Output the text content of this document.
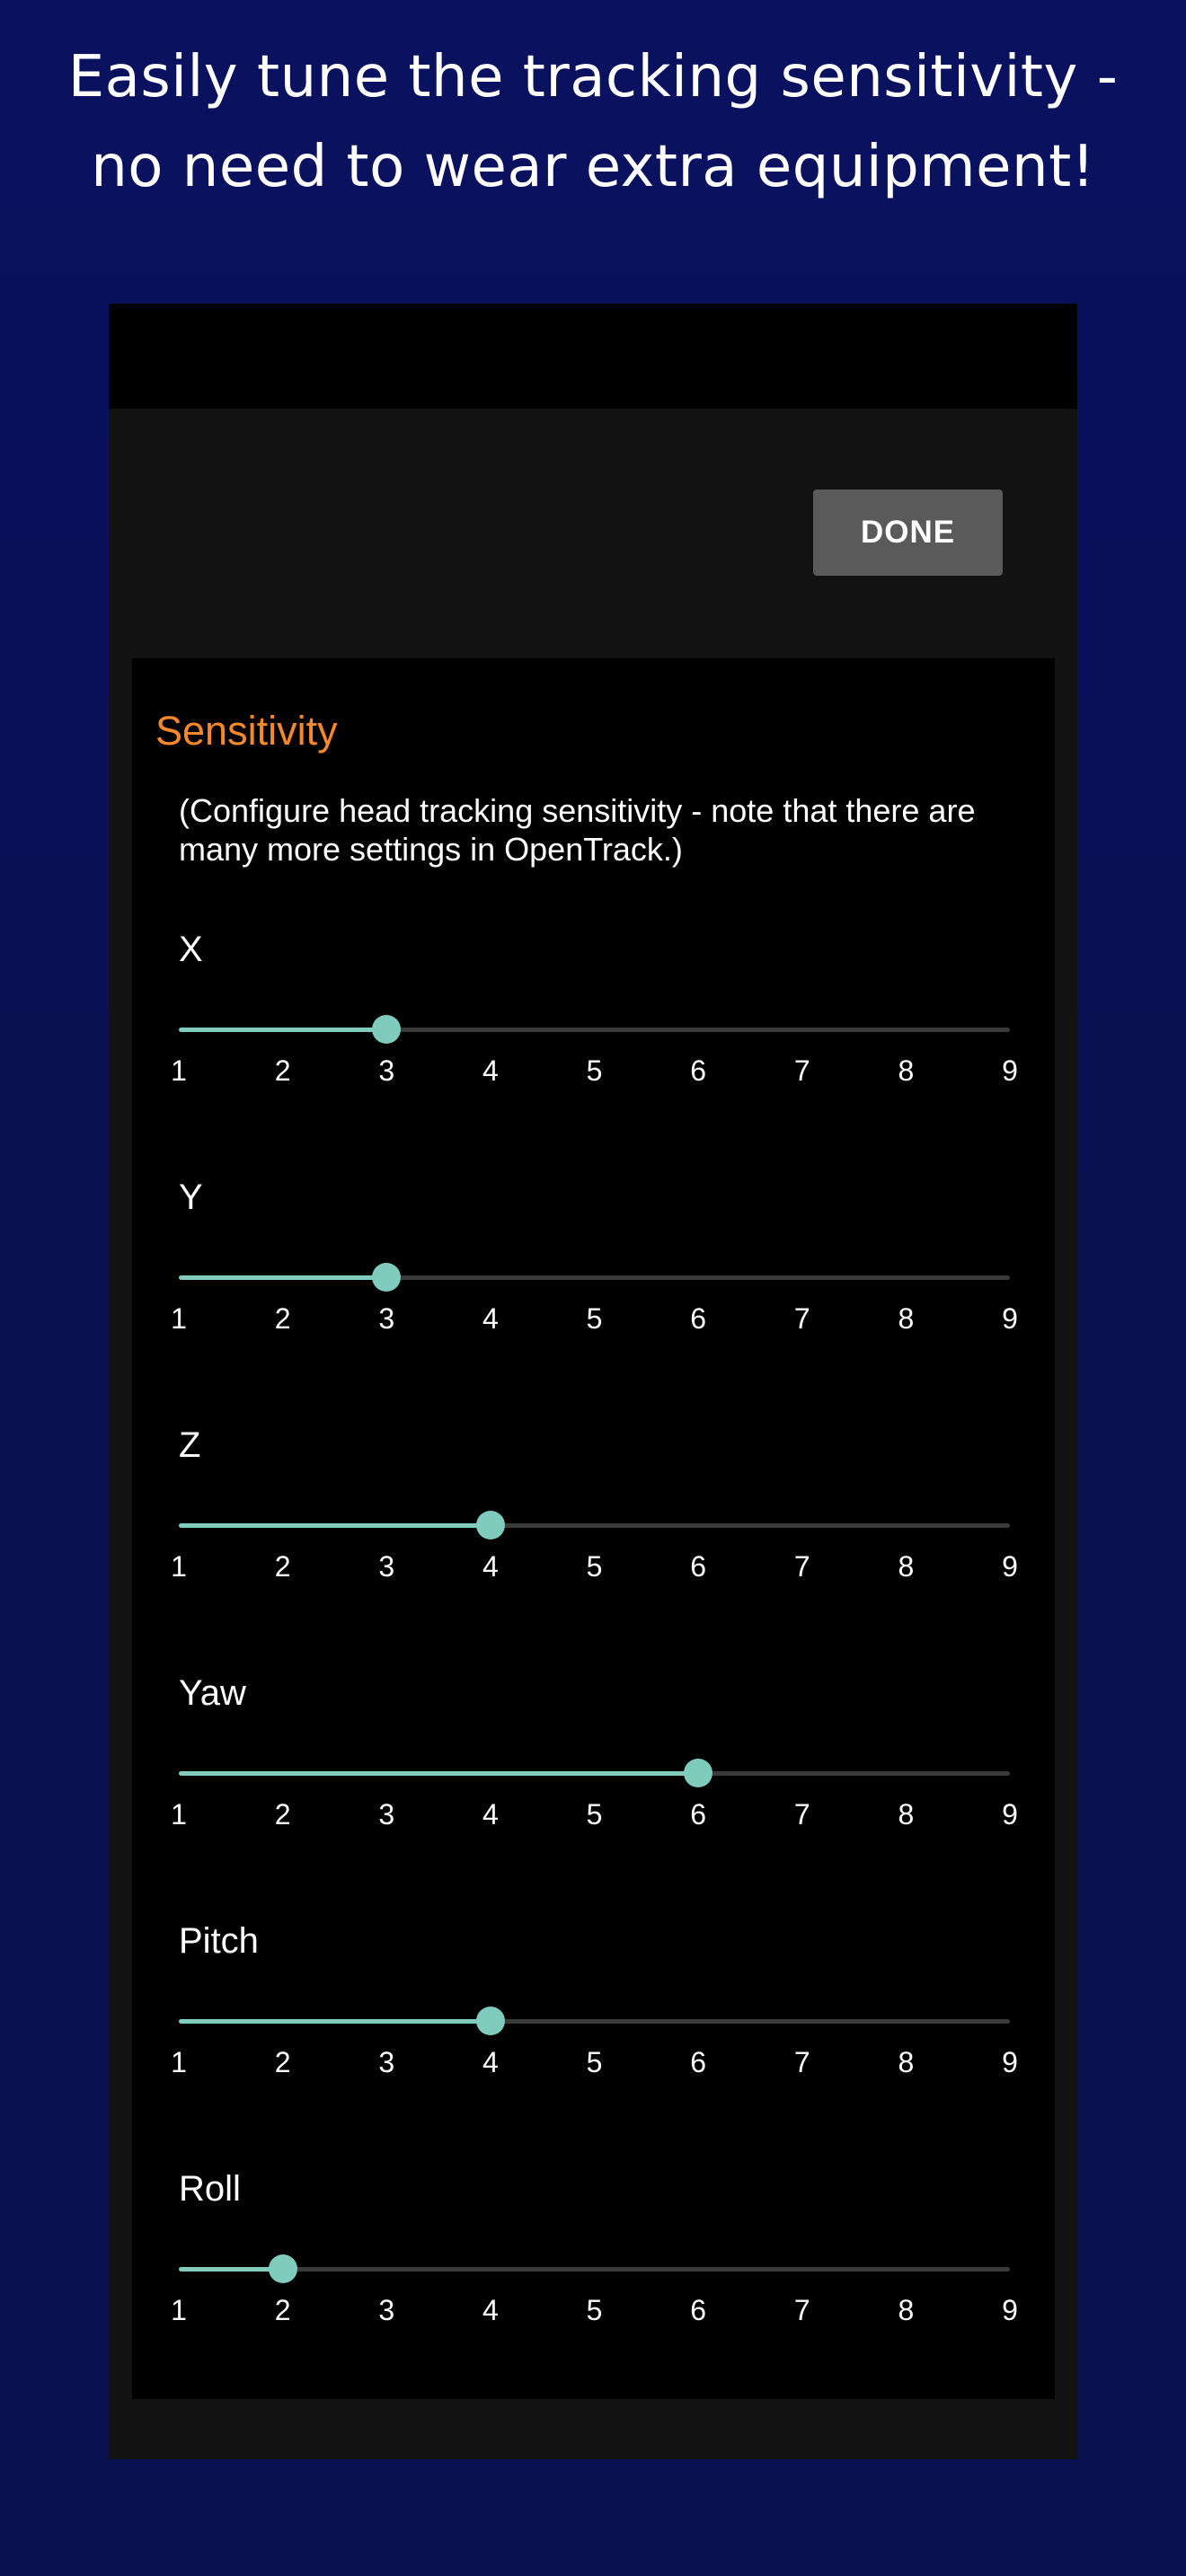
Easily tune the tracking sensitivity -
no need to wear extra equipment!
DONE
Sensitivity
(Configure head tracking sensitivity - note that there are many more settings in OpenTrack.)
X
1	2	3	4	5	6	7	8	9
Y
1	2	3	4	5	6	7	8	9
Z
1	2	3	4	5	6	7	8	9
Yaw
1	2	3	4	5	6	7	8	9
Pitch
1	2	3	4	5	6	7	8	9
Roll
1	2	3	4	5	6	7	8	9
